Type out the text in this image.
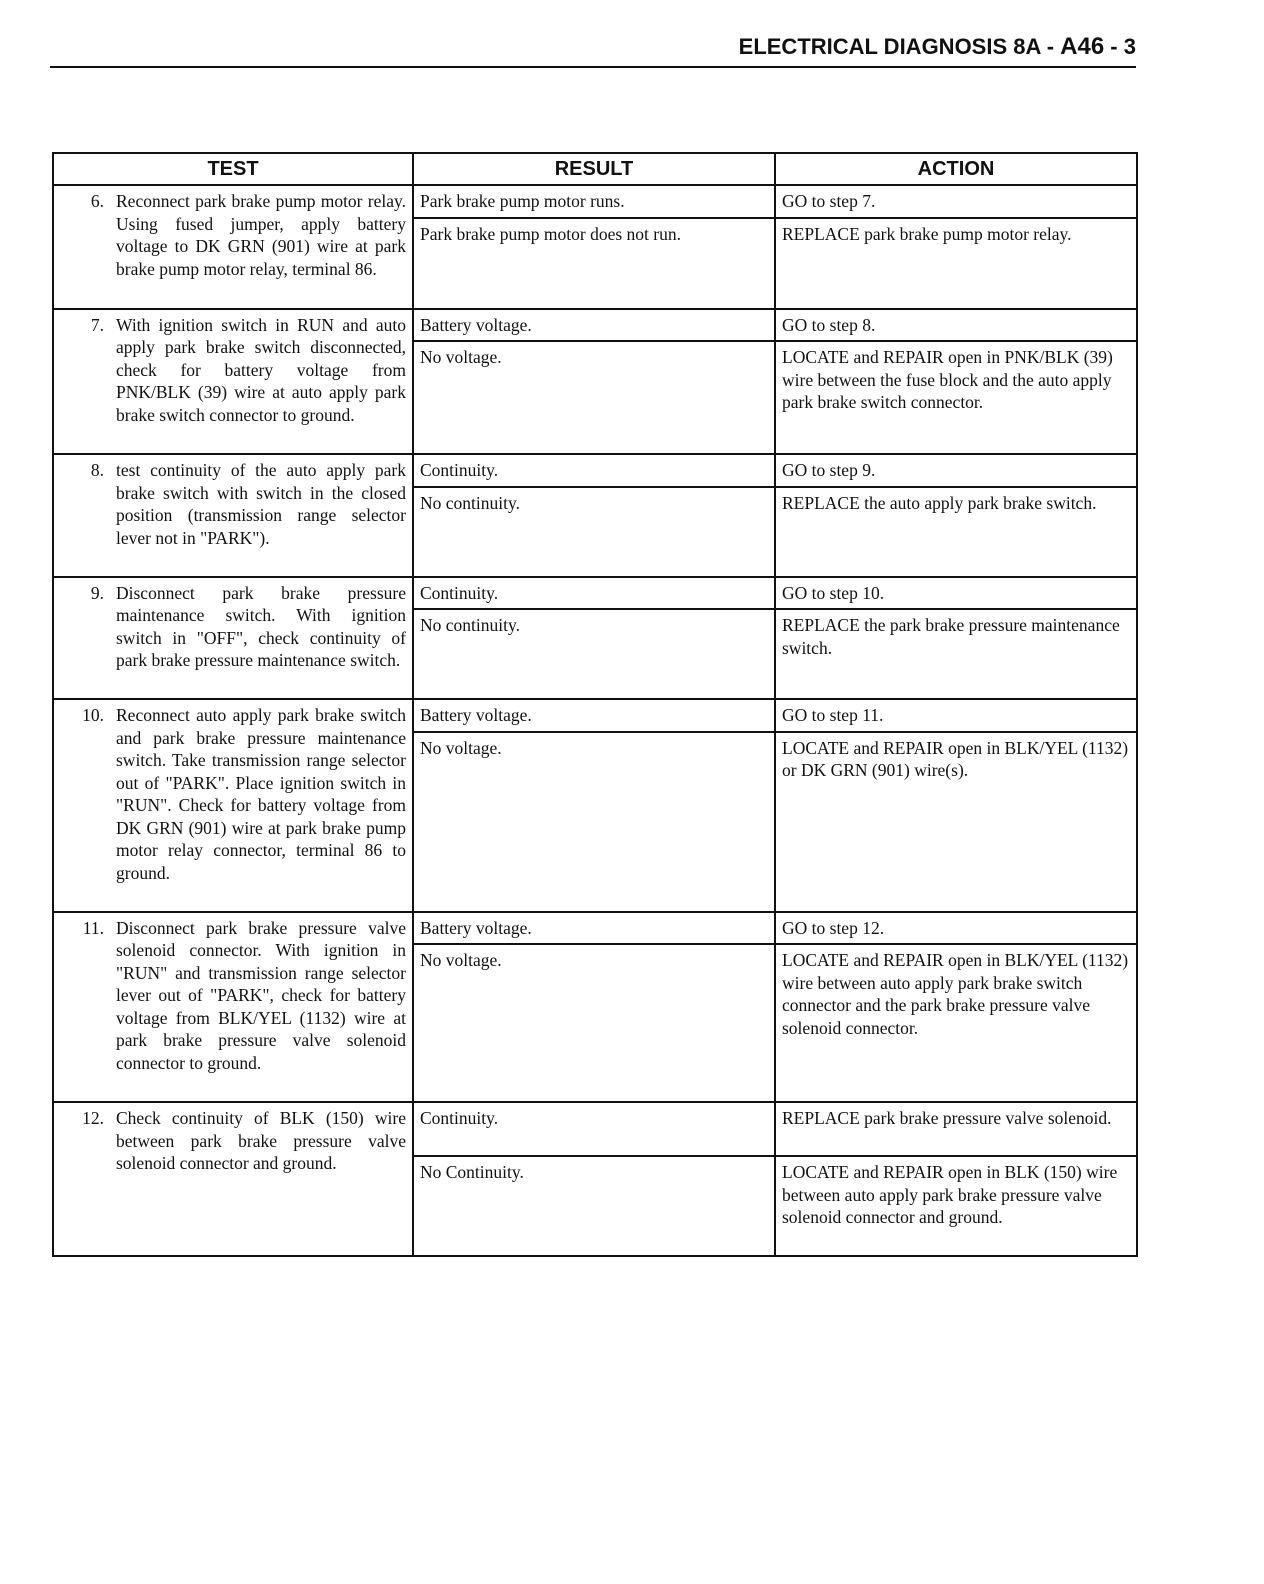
ELECTRICAL DIAGNOSIS 8A - A46 - 3
TEST	RESULT	ACTION

6. Reconnect park brake pump motor relay. Using fused jumper, apply battery voltage to DK GRN (901) wire at park brake pump motor relay, terminal 86.	Park brake pump motor runs.	GO to step 7.
	Park brake pump motor does not run.	REPLACE park brake pump motor relay.

7. With ignition switch in RUN and auto apply park brake switch disconnected, check for battery voltage from PNK/BLK (39) wire at auto apply park brake switch connector to ground.	Battery voltage.	GO to step 8.
	No voltage.	LOCATE and REPAIR open in PNK/BLK (39) wire between the fuse block and the auto apply park brake switch connector.

8. test continuity of the auto apply park brake switch with switch in the closed position (transmission range selector lever not in "PARK").	Continuity.	GO to step 9.
	No continuity.	REPLACE the auto apply park brake switch.

9. Disconnect park brake pressure maintenance switch. With ignition switch in "OFF", check continuity of park brake pressure maintenance switch.	Continuity.	GO to step 10.
	No continuity.	REPLACE the park brake pressure maintenance switch.

10. Reconnect auto apply park brake switch and park brake pressure maintenance switch. Take transmission range selector out of "PARK". Place ignition switch in "RUN". Check for battery voltage from DK GRN (901) wire at park brake pump motor relay connector, terminal 86 to ground.	Battery voltage.	GO to step 11.
	No voltage.	LOCATE and REPAIR open in BLK/YEL (1132) or DK GRN (901) wire(s).

11. Disconnect park brake pressure valve solenoid connector. With ignition in "RUN" and transmission range selector lever out of "PARK", check for battery voltage from BLK/YEL (1132) wire at park brake pressure valve solenoid connector to ground.	Battery voltage.	GO to step 12.
	No voltage.	LOCATE and REPAIR open in BLK/YEL (1132) wire between auto apply park brake switch connector and the park brake pressure valve solenoid connector.

12. Check continuity of BLK (150) wire between park brake pressure valve solenoid connector and ground.	Continuity.	REPLACE park brake pressure valve solenoid.
	No Continuity.	LOCATE and REPAIR open in BLK (150) wire between auto apply park brake pressure valve solenoid connector and ground.
